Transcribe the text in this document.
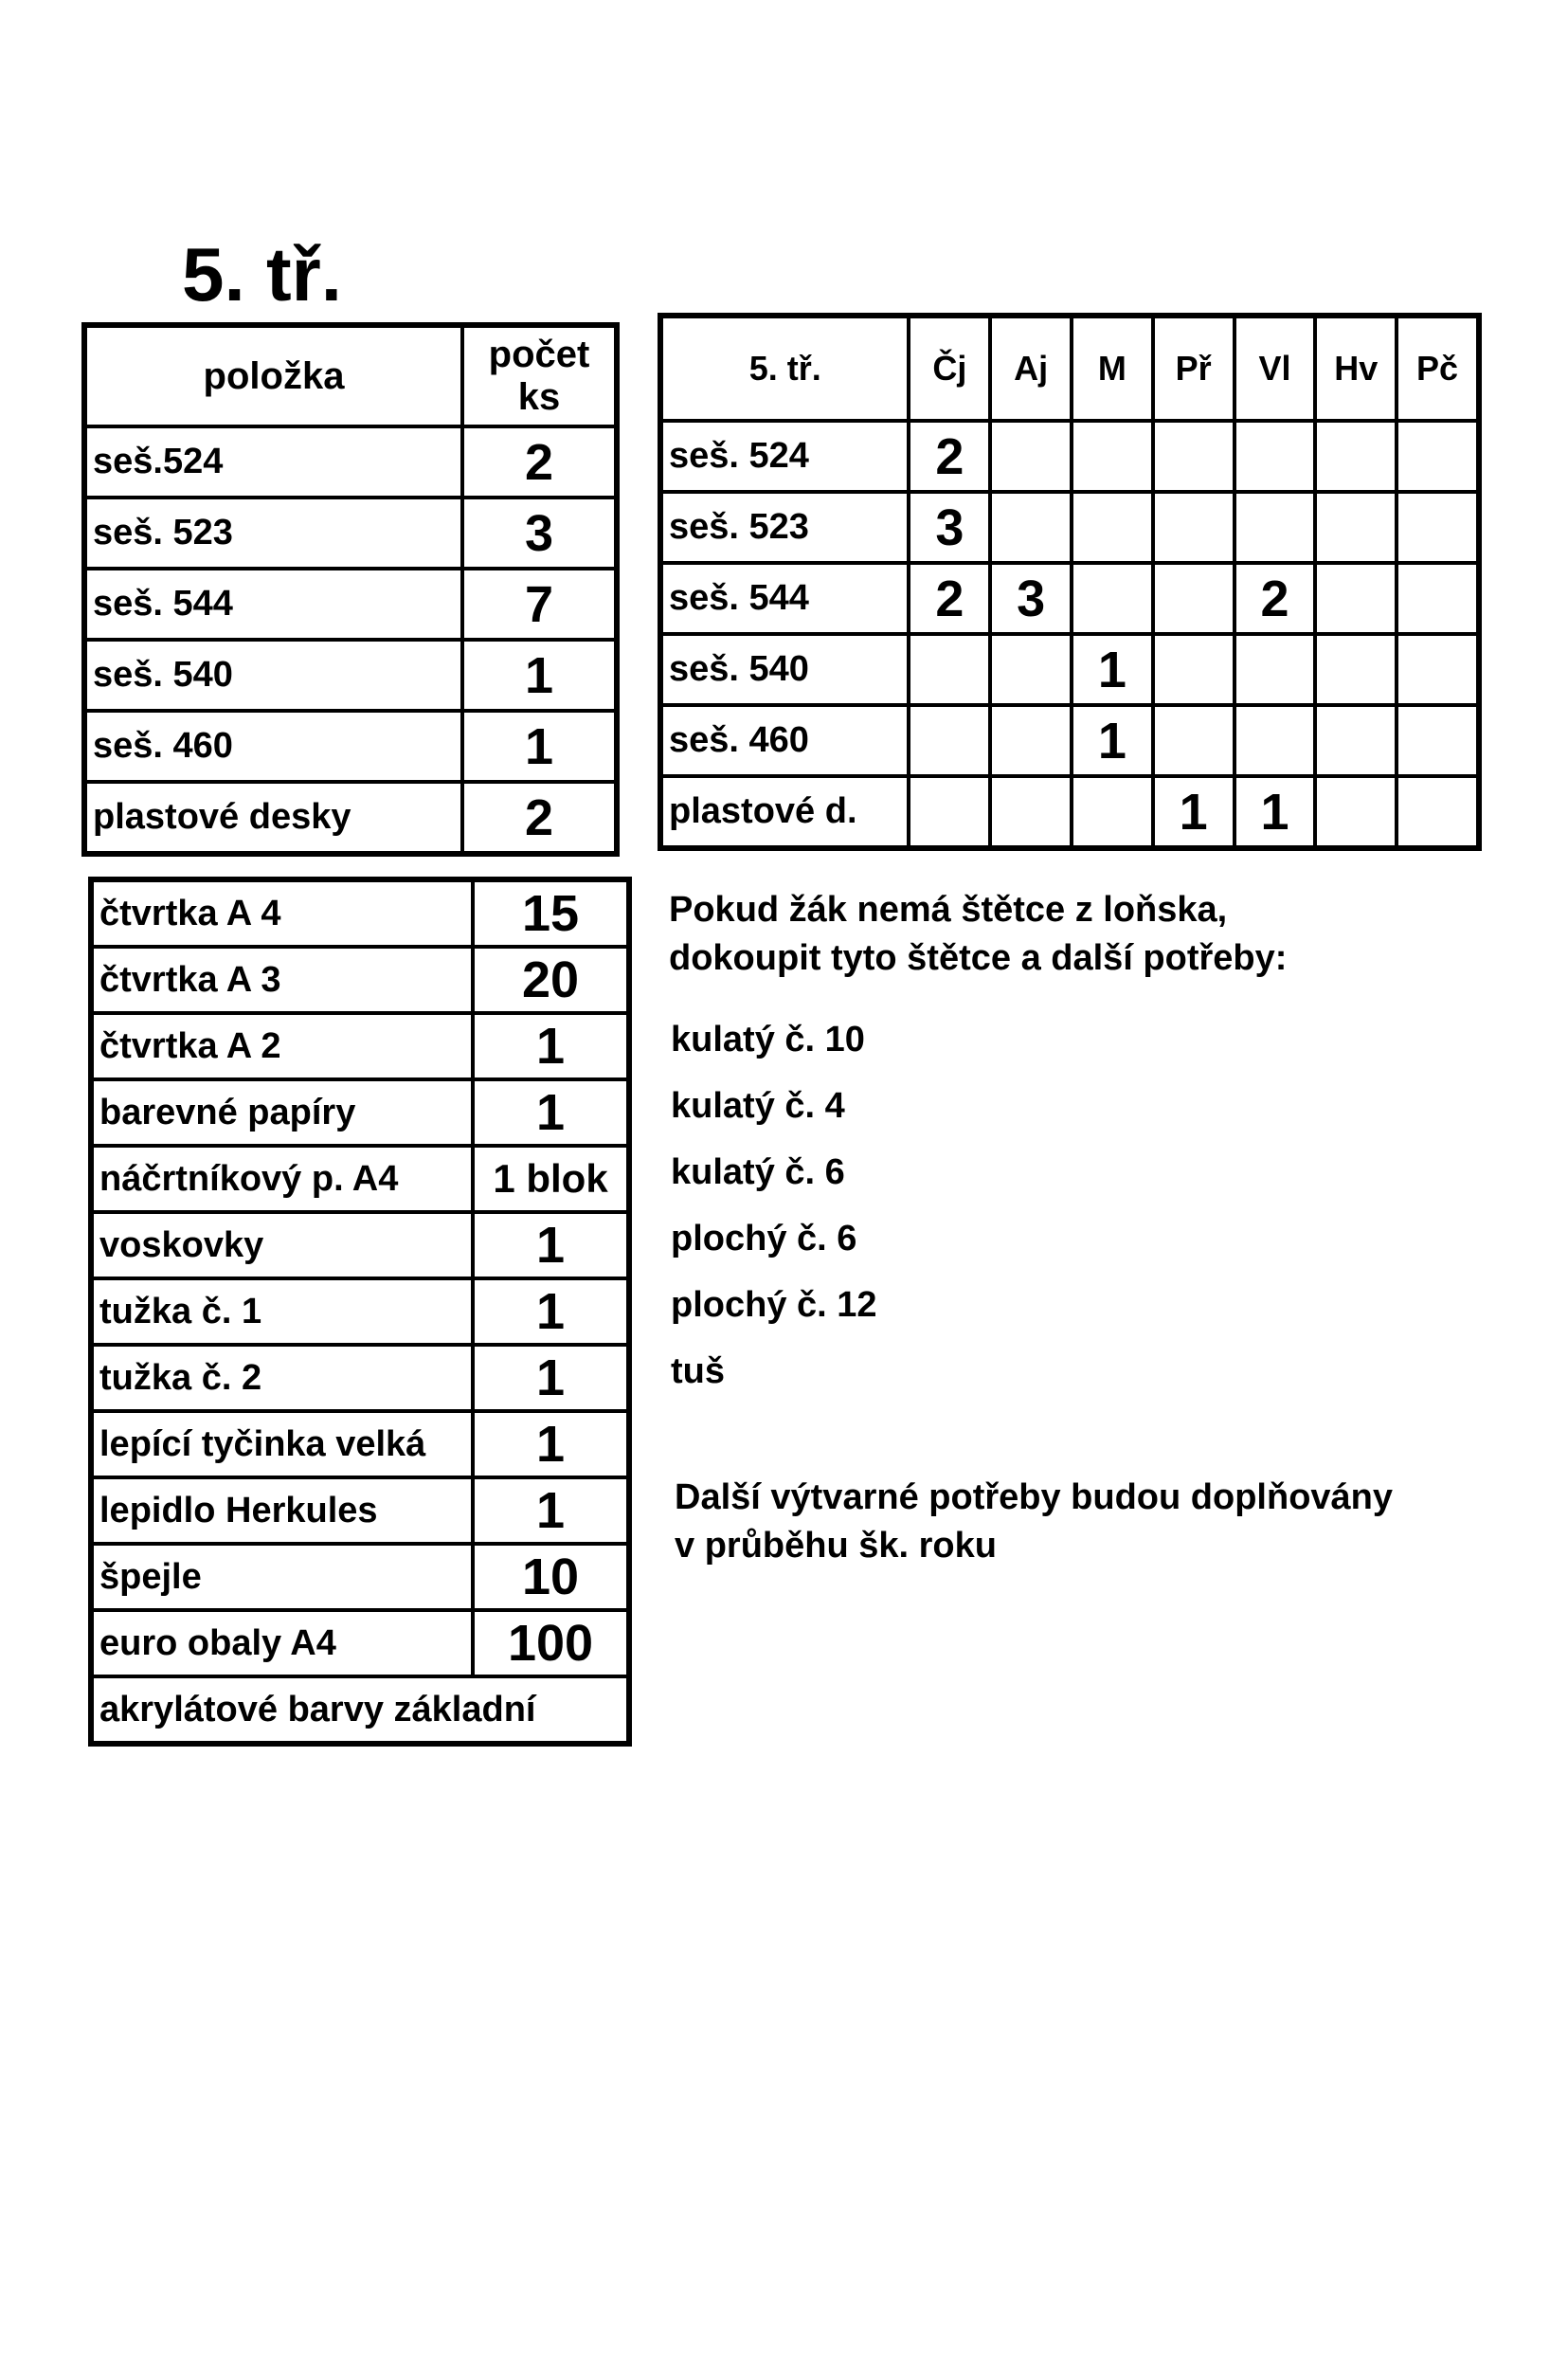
5. tř.
položka	počet ks
seš.524	2
seš. 523	3
seš. 544	7
seš. 540	1
seš. 460	1
plastové desky	2
čtvrtka A 4	15
čtvrtka A 3	20
čtvrtka A 2	1
barevné papíry	1
náčrtníkový p. A4	1 blok
voskovky	1
tužka č. 1	1
tužka č. 2	1
lepící tyčinka velká	1
lepidlo Herkules	1
špejle	10
euro obaly A4	100
akrylátové barvy základní	
5. tř.	Čj	Aj	M	Př	Vl	Hv	Pč
seš. 524	2						
seš. 523	3						
seš. 544	2	3			2		
seš. 540			1				
seš. 460			1				
plastové d.				1	1		
Pokud žák nemá štětce z loňska,
dokoupit tyto štětce a další potřeby:
kulatý č. 10
kulatý č. 4
kulatý č. 6
plochý č. 6
plochý č. 12
tuš
Další výtvarné potřeby budou doplňovány
v průběhu šk. roku
